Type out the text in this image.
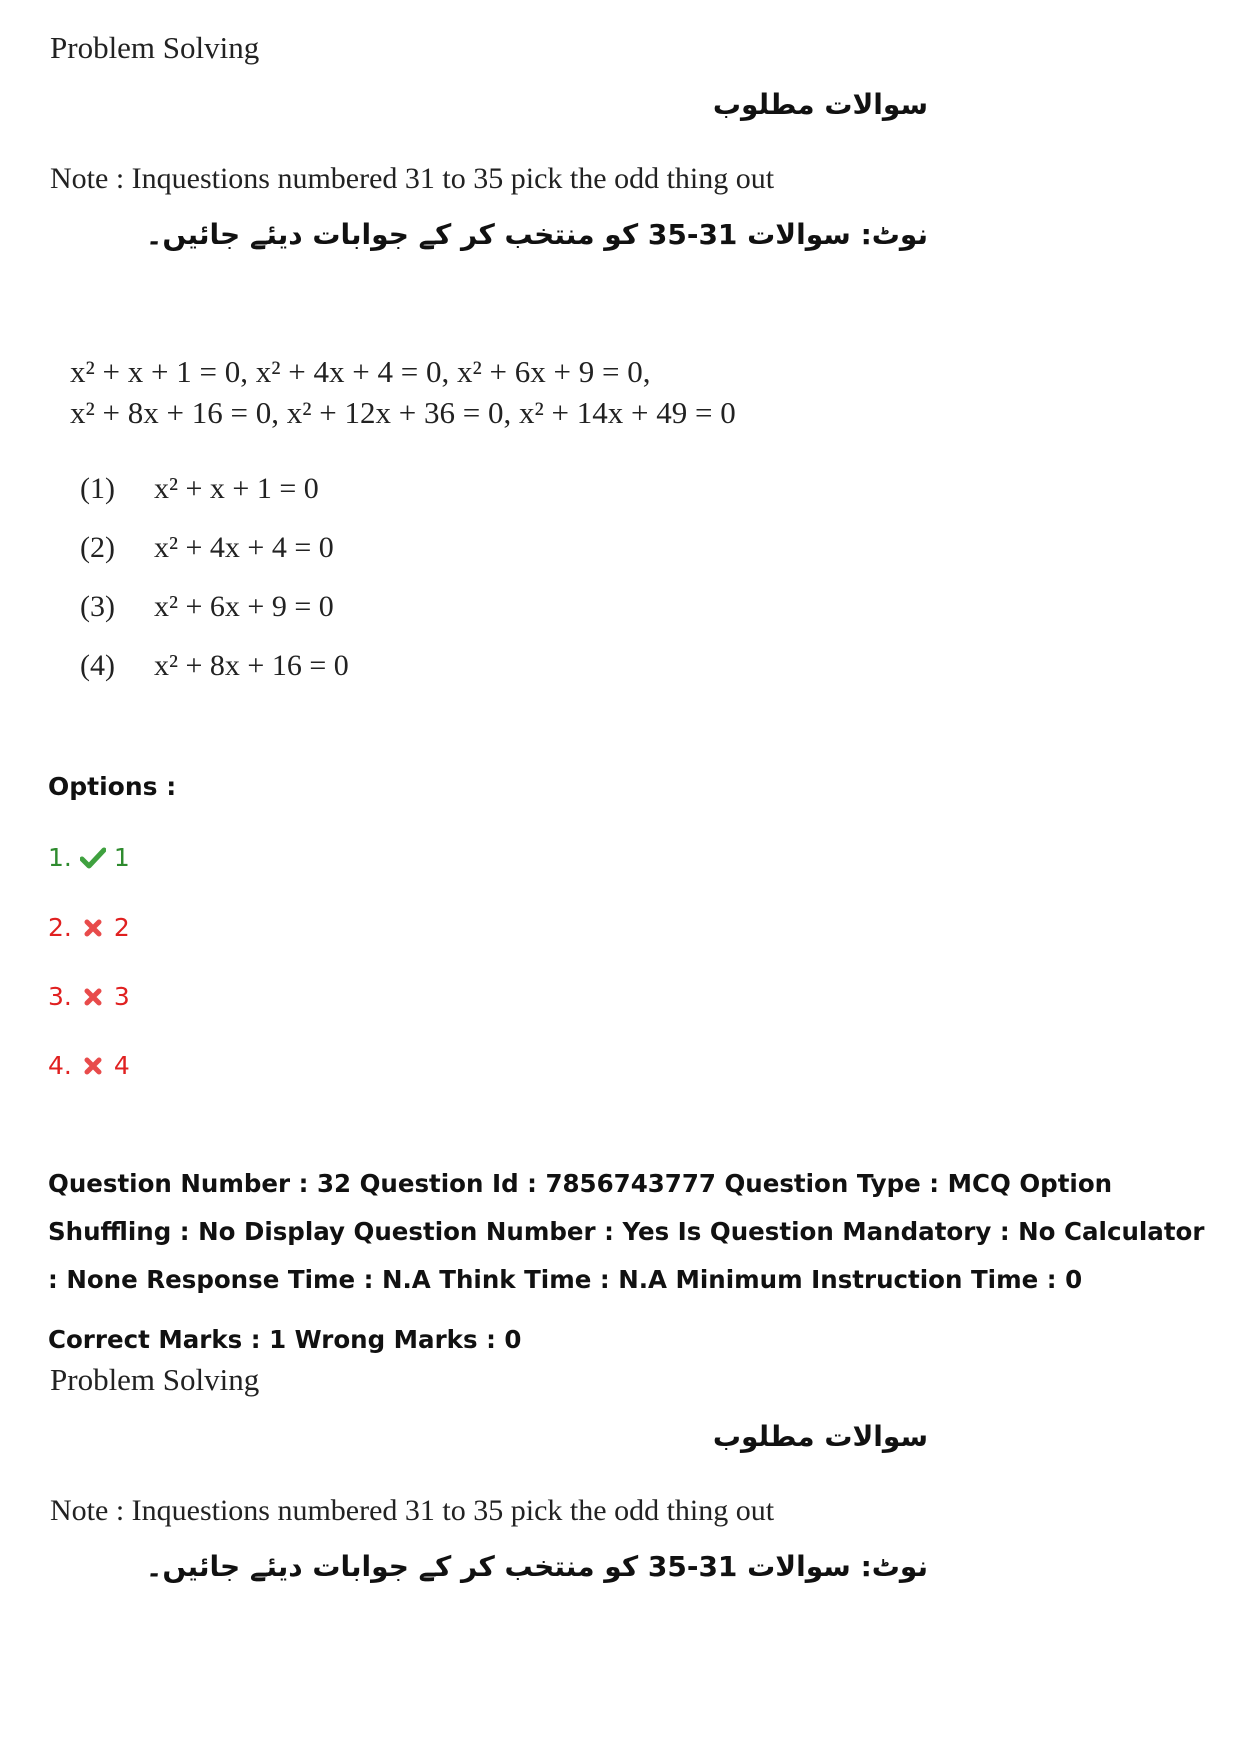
Problem Solving
سوالات مطلوب
Note : Inquestions numbered 31 to 35 pick the odd thing out
نوٹ: سوالات 31-35 کو منتخب کر کے جوابات دیئے جائیں۔
x² + x + 1 = 0, x² + 4x + 4 = 0, x² + 6x + 9 = 0,
x² + 8x + 16 = 0, x² + 12x + 36 = 0, x² + 14x + 49 = 0
(1) x² + x + 1 = 0
(2) x² + 4x + 4 = 0
(3) x² + 6x + 9 = 0
(4) x² + 8x + 16 = 0
Options :
1. 1
2. 2
3. 3
4. 4
Question Number : 32 Question Id : 7856743777 Question Type : MCQ Option Shuffling : No Display Question Number : Yes Is Question Mandatory : No Calculator : None Response Time : N.A Think Time : N.A Minimum Instruction Time : 0
Correct Marks : 1 Wrong Marks : 0
Problem Solving
سوالات مطلوب
Note : Inquestions numbered 31 to 35 pick the odd thing out
نوٹ: سوالات 31-35 کو منتخب کر کے جوابات دیئے جائیں۔
